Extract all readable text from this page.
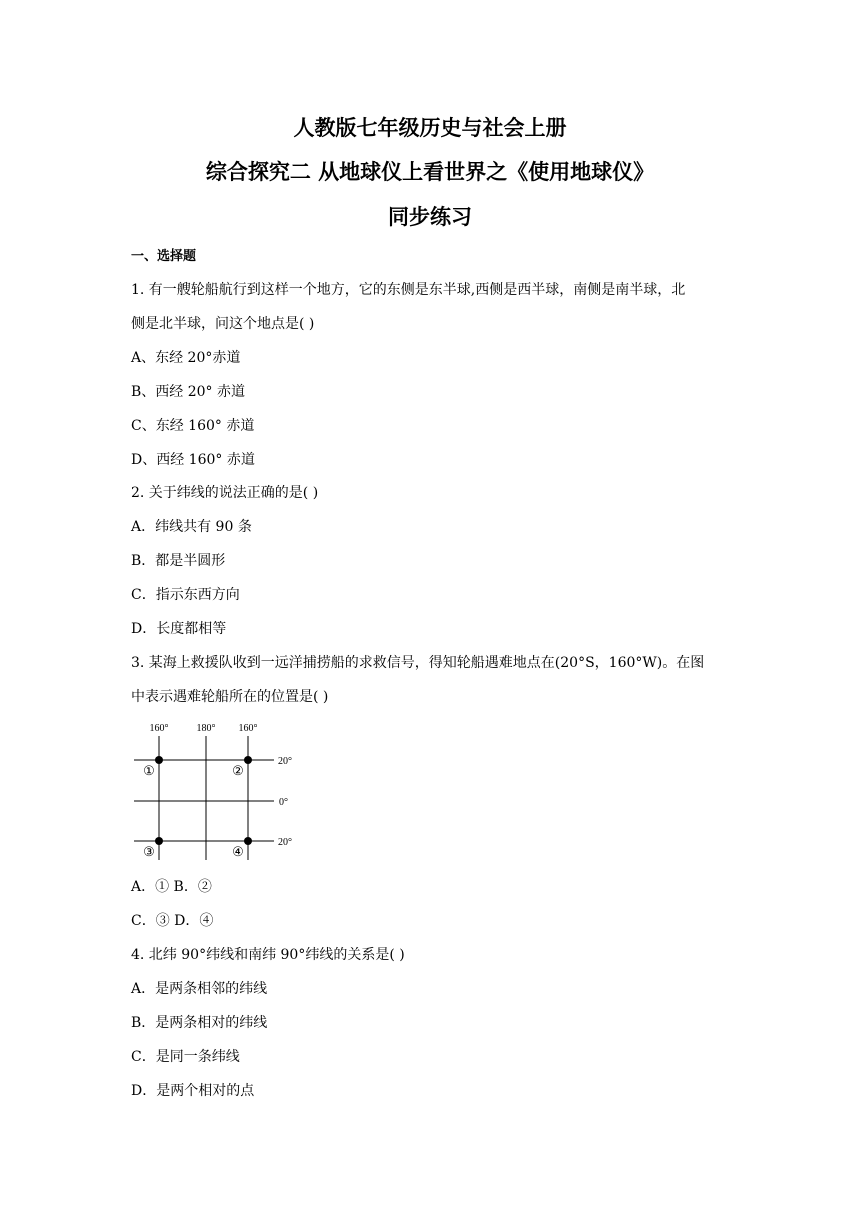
人教版七年级历史与社会上册
综合探究二 从地球仪上看世界之《使用地球仪》
同步练习
一、选择题
1. 有一艘轮船航行到这样一个地方，它的东侧是东半球,西侧是西半球，南侧是南半球，北
侧是北半球，问这个地点是( )
A、东经 20°赤道
B、西经 20° 赤道
C、东经 160° 赤道
D、西经 160° 赤道
2. 关于纬线的说法正确的是( )
A．纬线共有 90 条
B．都是半圆形
C．指示东西方向
D．长度都相等
3. 某海上救援队收到一远洋捕捞船的求救信号，得知轮船遇难地点在(20°S，160°W)。在图
中表示遇难轮船所在的位置是( )
160°	180° 160°
20°
0°
20°
①	②
③	④
A．① B．②
C．③ D．④
4. 北纬 90°纬线和南纬 90°纬线的关系是( )
A．是两条相邻的纬线
B．是两条相对的纬线
C．是同一条纬线
D．是两个相对的点
